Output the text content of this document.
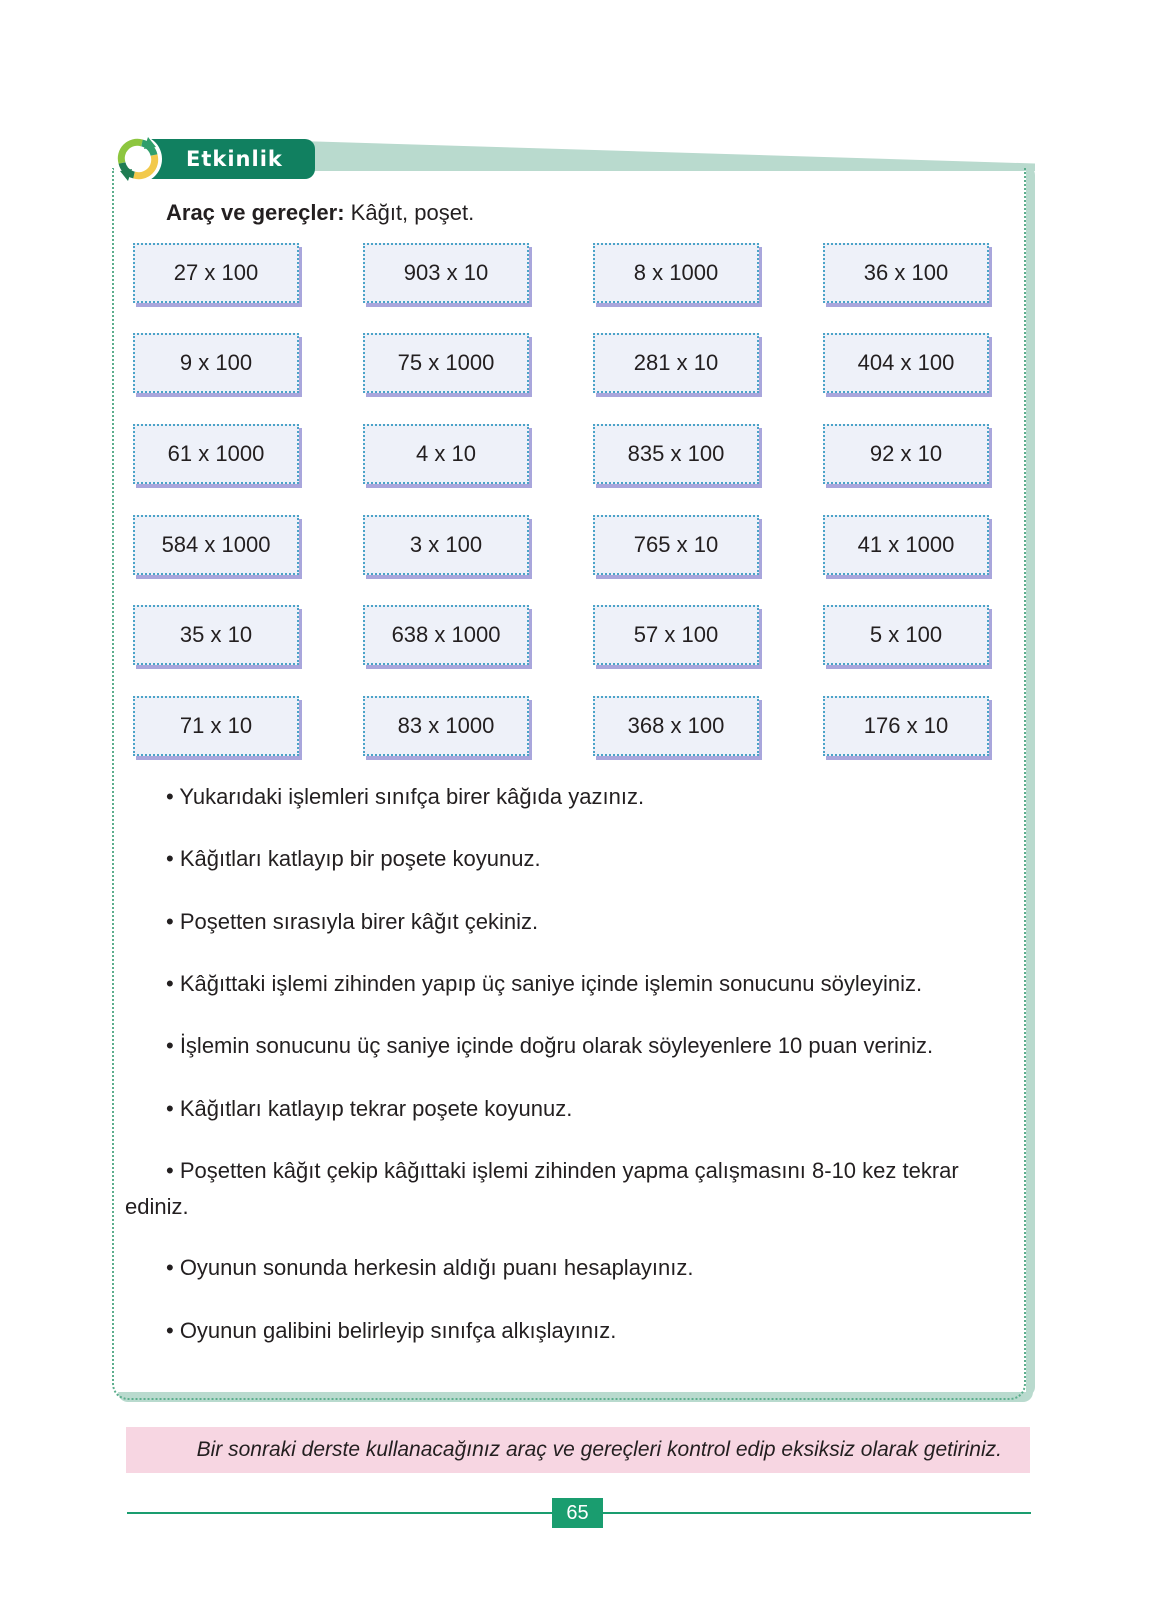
Etkinlik
Araç ve gereçler: Kâğıt, poşet.
27 x 100	903 x 10	8 x 1000	36 x 100
9 x 100	75 x 1000	281 x 10	404 x 100
61 x 1000	4 x 10	835 x 100	92 x 10
584 x 1000	3 x 100	765 x 10	41 x 1000
35 x 10	638 x 1000	57 x 100	5 x 100
71 x 10	83 x 1000	368 x 100	176 x 10
• Yukarıdaki işlemleri sınıfça birer kâğıda yazınız.
• Kâğıtları katlayıp bir poşete koyunuz.
• Poşetten sırasıyla birer kâğıt çekiniz.
• Kâğıttaki işlemi zihinden yapıp üç saniye içinde işlemin sonucunu söyleyiniz.
• İşlemin sonucunu üç saniye içinde doğru olarak söyleyenlere 10 puan veriniz.
• Kâğıtları katlayıp tekrar poşete koyunuz.
• Poşetten kâğıt çekip kâğıttaki işlemi zihinden yapma çalışmasını 8-10 kez tekrar ediniz.
• Oyunun sonunda herkesin aldığı puanı hesaplayınız.
• Oyunun galibini belirleyip sınıfça alkışlayınız.
Bir sonraki derste kullanacağınız araç ve gereçleri kontrol edip eksiksiz olarak getiriniz.
65
